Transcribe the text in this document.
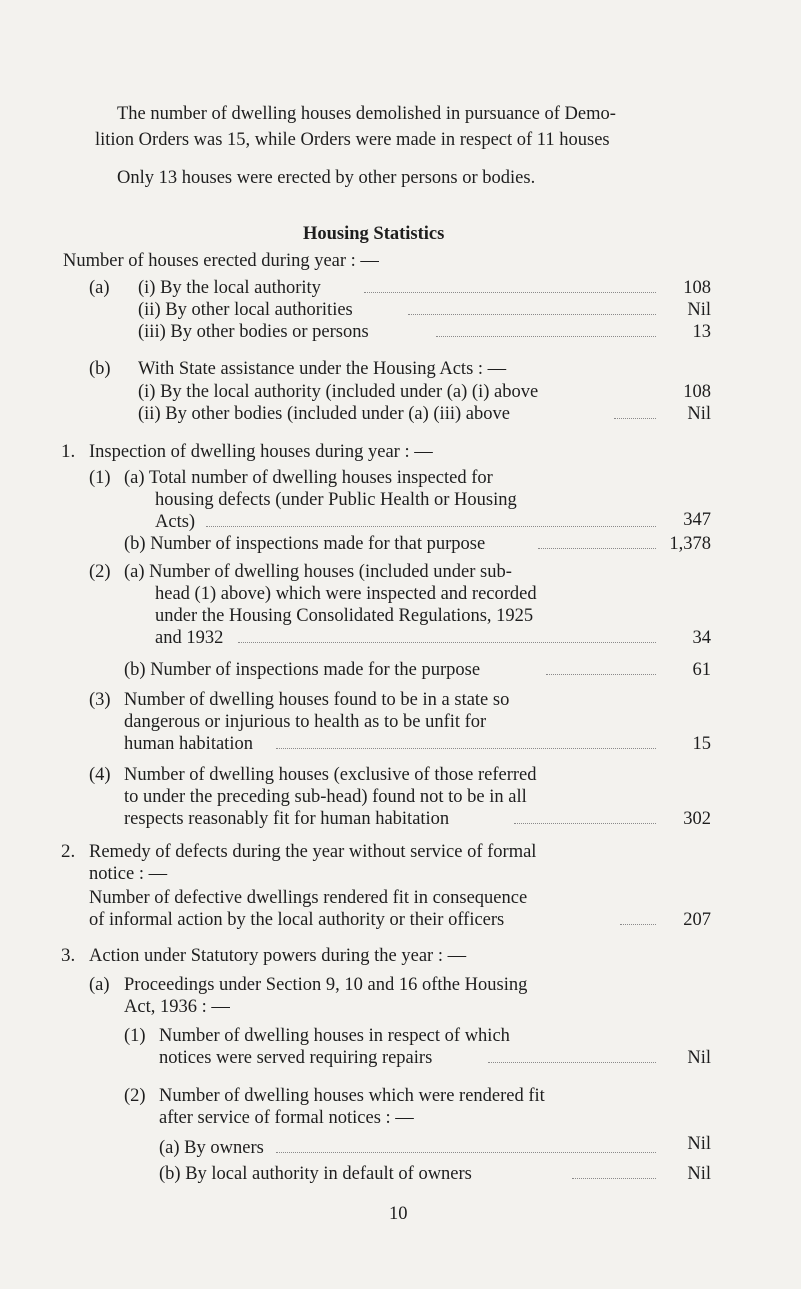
The number of dwelling houses demolished in pursuance of Demo-
lition Orders was 15, while Orders were made in respect of 11 houses
Only 13 houses were erected by other persons or bodies.
Housing Statistics
Number of houses erected during year : —
(a) (i) By the local authority	108
(ii) By other local authorities	Nil
(iii) By other bodies or persons	13
(b) With State assistance under the Housing Acts : —
(i) By the local authority (included under (a) (i) above	108
(ii) By other bodies (included under (a) (iii) above	Nil
1. Inspection of dwelling houses during year : —
(1) (a) Total number of dwelling houses inspected for
housing defects (under Public Health or Housing
Acts)	347
(b) Number of inspections made for that purpose	1,378
(2) (a) Number of dwelling houses (included under sub-
head (1) above) which were inspected and recorded
under the Housing Consolidated Regulations, 1925
and 1932	34
(b) Number of inspections made for the purpose	61
(3) Number of dwelling houses found to be in a state so
dangerous or injurious to health as to be unfit for
human habitation	15
(4) Number of dwelling houses (exclusive of those referred
to under the preceding sub-head) found not to be in all
respects reasonably fit for human habitation	302
2. Remedy of defects during the year without service of formal
notice : —
Number of defective dwellings rendered fit in consequence
of informal action by the local authority or their officers	207
3. Action under Statutory powers during the year : —
(a) Proceedings under Section 9, 10 and 16 ofthe Housing
Act, 1936 : —
(1) Number of dwelling houses in respect of which
notices were served requiring repairs	Nil
(2) Number of dwelling houses which were rendered fit
after service of formal notices : —
(a) By owners	Nil
(b) By local authority in default of owners	Nil
10
